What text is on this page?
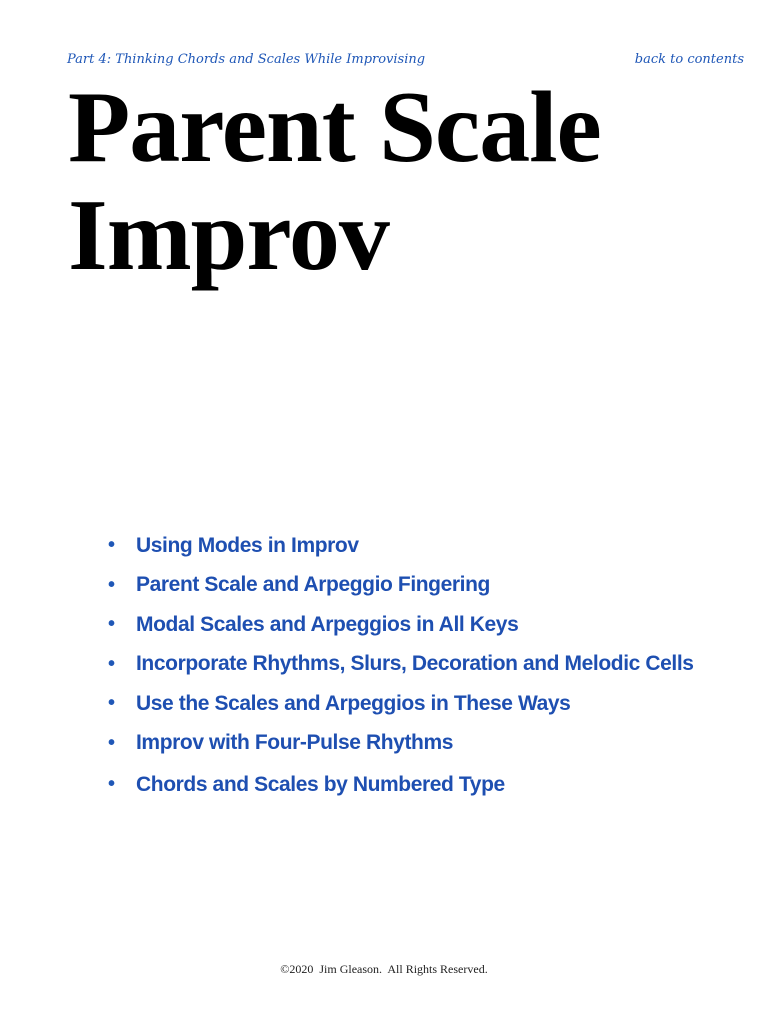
Part 4: Thinking Chords and Scales While Improvising	back to contents
Parent Scale
Improv
• Using Modes in Improv
• Parent Scale and Arpeggio Fingering
• Modal Scales and Arpeggios in All Keys
• Incorporate Rhythms, Slurs, Decoration and Melodic Cells
• Use the Scales and Arpeggios in These Ways
• Improv with Four-Pulse Rhythms
• Chords and Scales by Numbered Type
©2020  Jim Gleason.  All Rights Reserved.
